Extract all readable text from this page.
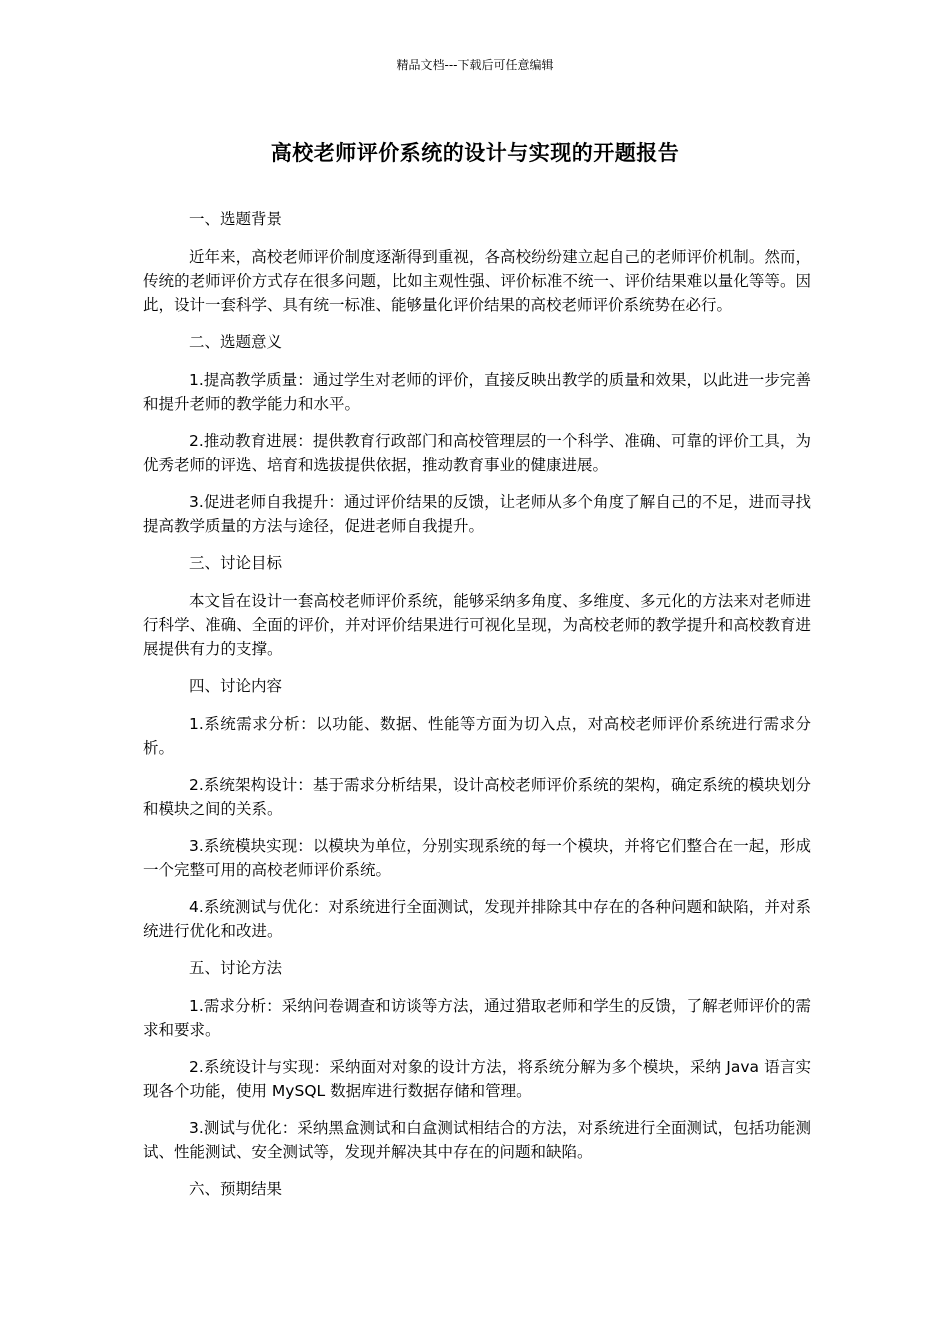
精品文档---下载后可任意编辑
高校老师评价系统的设计与实现的开题报告
一、选题背景
近年来，高校老师评价制度逐渐得到重视，各高校纷纷建立起自己的老师评价机制。然而，传统的老师评价方式存在很多问题，比如主观性强、评价标准不统一、评价结果难以量化等等。因此，设计一套科学、具有统一标准、能够量化评价结果的高校老师评价系统势在必行。
二、选题意义
1.提高教学质量：通过学生对老师的评价，直接反映出教学的质量和效果，以此进一步完善和提升老师的教学能力和水平。
2.推动教育进展：提供教育行政部门和高校管理层的一个科学、准确、可靠的评价工具，为优秀老师的评选、培育和选拔提供依据，推动教育事业的健康进展。
3.促进老师自我提升：通过评价结果的反馈，让老师从多个角度了解自己的不足，进而寻找提高教学质量的方法与途径，促进老师自我提升。
三、讨论目标
本文旨在设计一套高校老师评价系统，能够采纳多角度、多维度、多元化的方法来对老师进行科学、准确、全面的评价，并对评价结果进行可视化呈现，为高校老师的教学提升和高校教育进展提供有力的支撑。
四、讨论内容
1.系统需求分析：以功能、数据、性能等方面为切入点，对高校老师评价系统进行需求分析。
2.系统架构设计：基于需求分析结果，设计高校老师评价系统的架构，确定系统的模块划分和模块之间的关系。
3.系统模块实现：以模块为单位，分别实现系统的每一个模块，并将它们整合在一起，形成一个完整可用的高校老师评价系统。
4.系统测试与优化：对系统进行全面测试，发现并排除其中存在的各种问题和缺陷，并对系统进行优化和改进。
五、讨论方法
1.需求分析：采纳问卷调查和访谈等方法，通过猎取老师和学生的反馈，了解老师评价的需求和要求。
2.系统设计与实现：采纳面对对象的设计方法，将系统分解为多个模块，采纳 Java 语言实现各个功能，使用 MySQL 数据库进行数据存储和管理。
3.测试与优化：采纳黑盒测试和白盒测试相结合的方法，对系统进行全面测试，包括功能测试、性能测试、安全测试等，发现并解决其中存在的问题和缺陷。
六、预期结果
